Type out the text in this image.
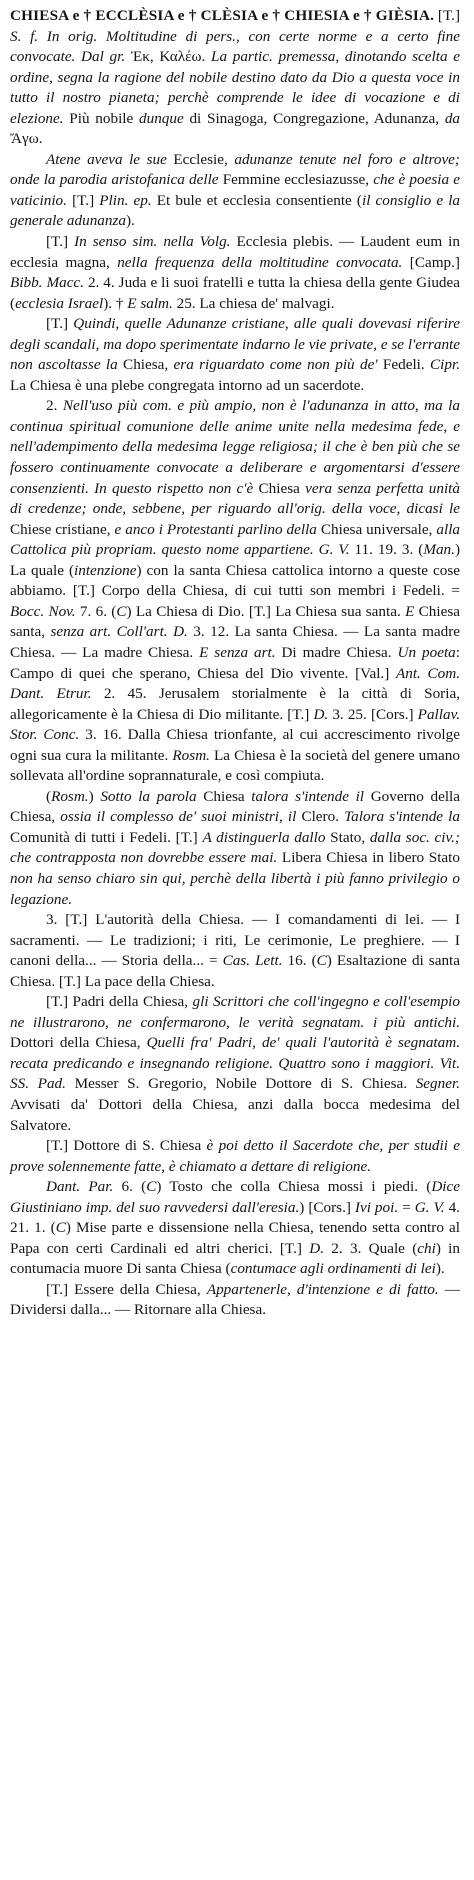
CHIESA e † ECCLÈSIA e † CLÈSIA e † CHIESIA e † GIÈSIA. [T.] S. f. In orig. Moltitudine di pers., con certe norme e a certo fine convocate. Dal gr. Ἐκ, Καλέω. La partic. premessa, dinotando scelta e ordine, segna la ragione del nobile destino dato da Dio a questa voce in tutto il nostro pianeta; perchè comprende le idee di vocazione e di elezione. Più nobile dunque di Sinagoga, Congregazione, Adunanza, da Ἄγω.

Atene aveva le sue Ecclesie, adunanze tenute nel foro e altrove; onde la parodia aristofanica delle Femmine ecclesiazusse, che è poesia e vaticinio. [T.] Plin. ep. Et bule et ecclesia consentiente (il consiglio e la generale adunanza).

[T.] In senso sim. nella Volg. Ecclesia plebis. — Laudent eum in ecclesia magna, nella frequenza della moltitudine convocata. [Camp.] Bibb. Macc. 2. 4. Juda e li suoi fratelli e tutta la chiesa della gente Giudea (ecclesia Israel). † E salm. 25. La chiesa de' malvagi.

[T.] Quindi, quelle Adunanze cristiane, alle quali dovevasi riferire degli scandali, ma dopo sperimentate indarno le vie private, e se l'errante non ascoltasse la Chiesa, era riguardato come non più de' Fedeli. Cipr. La Chiesa è una plebe congregata intorno ad un sacerdote.

2. Nell'uso più com. e più ampio, non è l'adunanza in atto, ma la continua spiritual comunione delle anime unite nella medesima fede, e nell'adempimento della medesima legge religiosa; il che è ben più che se fossero continuamente convocate a deliberare e argomentarsi d'essere consenzienti. In questo rispetto non c'è Chiesa vera senza perfetta unità di credenze; onde, sebbene, per riguardo all'orig. della voce, dicasi le Chiese cristiane, e anco i Protestanti parlino della Chiesa universale, alla Cattolica più propriam. questo nome appartiene. G. V. 11. 19. 3. (Man.) La quale (intenzione) con la santa Chiesa cattolica intorno a queste cose abbiamo. [T.] Corpo della Chiesa, di cui tutti son membri i Fedeli. = Bocc. Nov. 7. 6. (C) La Chiesa di Dio. [T.] La Chiesa sua santa. E Chiesa santa, senza art. Coll'art. D. 3. 12. La santa Chiesa. — La santa madre Chiesa. — La madre Chiesa. E senza art. Di madre Chiesa. Un poeta: Campo di quei che sperano, Chiesa del Dio vivente. [Val.] Ant. Com. Dant. Etrur. 2. 45. Jerusalem storialmente è la città di Soria, allegoricamente è la Chiesa di Dio militante. [T.] D. 3. 25. [Cors.] Pallav. Stor. Conc. 3. 16. Dalla Chiesa trionfante, al cui accrescimento rivolge ogni sua cura la militante. Rosm. La Chiesa è la società del genere umano sollevata all'ordine soprannaturale, e così compiuta.

(Rosm.) Sotto la parola Chiesa talora s'intende il Governo della Chiesa, ossia il complesso de' suoi ministri, il Clero. Talora s'intende la Comunità di tutti i Fedeli. [T.] A distinguerla dallo Stato, dalla soc. civ.; che contrapposta non dovrebbe essere mai. Libera Chiesa in libero Stato non ha senso chiaro sin qui, perchè della libertà i più fanno privilegio o legazione.

3. [T.] L'autorità della Chiesa. — I comandamenti di lei. — I sacramenti. — Le tradizioni; i riti, Le cerimonie, Le preghiere. — I canoni della... — Storia della... = Cas. Lett. 16. (C) Esaltazione di santa Chiesa. [T.] La pace della Chiesa.

[T.] Padri della Chiesa, gli Scrittori che coll'ingegno e coll'esempio ne illustrarono, ne confermarono, le verità segnatam. i più antichi. Dottori della Chiesa, Quelli fra' Padri, de' quali l'autorità è segnatam. recata predicando e insegnando religione. Quattro sono i maggiori. Vit. SS. Pad. Messer S. Gregorio, Nobile Dottore di S. Chiesa. Segner. Avvisati da' Dottori della Chiesa, anzi dalla bocca medesima del Salvatore.

[T.] Dottore di S. Chiesa è poi detto il Sacerdote che, per studii e prove solennemente fatte, è chiamato a dettare di religione.

Dant. Par. 6. (C) Tosto che colla Chiesa mossi i piedi. (Dice Giustiniano imp. del suo ravvedersi dall'eresia.) [Cors.] Ivi poi. = G. V. 4. 21. 1. (C) Mise parte e dissensione nella Chiesa, tenendo setta contro al Papa con certi Cardinali ed altri cherici. [T.] D. 2. 3. Quale (chi) in contumacia muore Di santa Chiesa (contumace agli ordinamenti di lei).

[T.] Essere della Chiesa, Appartenerle, d'intenzione e di fatto. — Dividersi dalla... — Ritornare alla Chiesa.
